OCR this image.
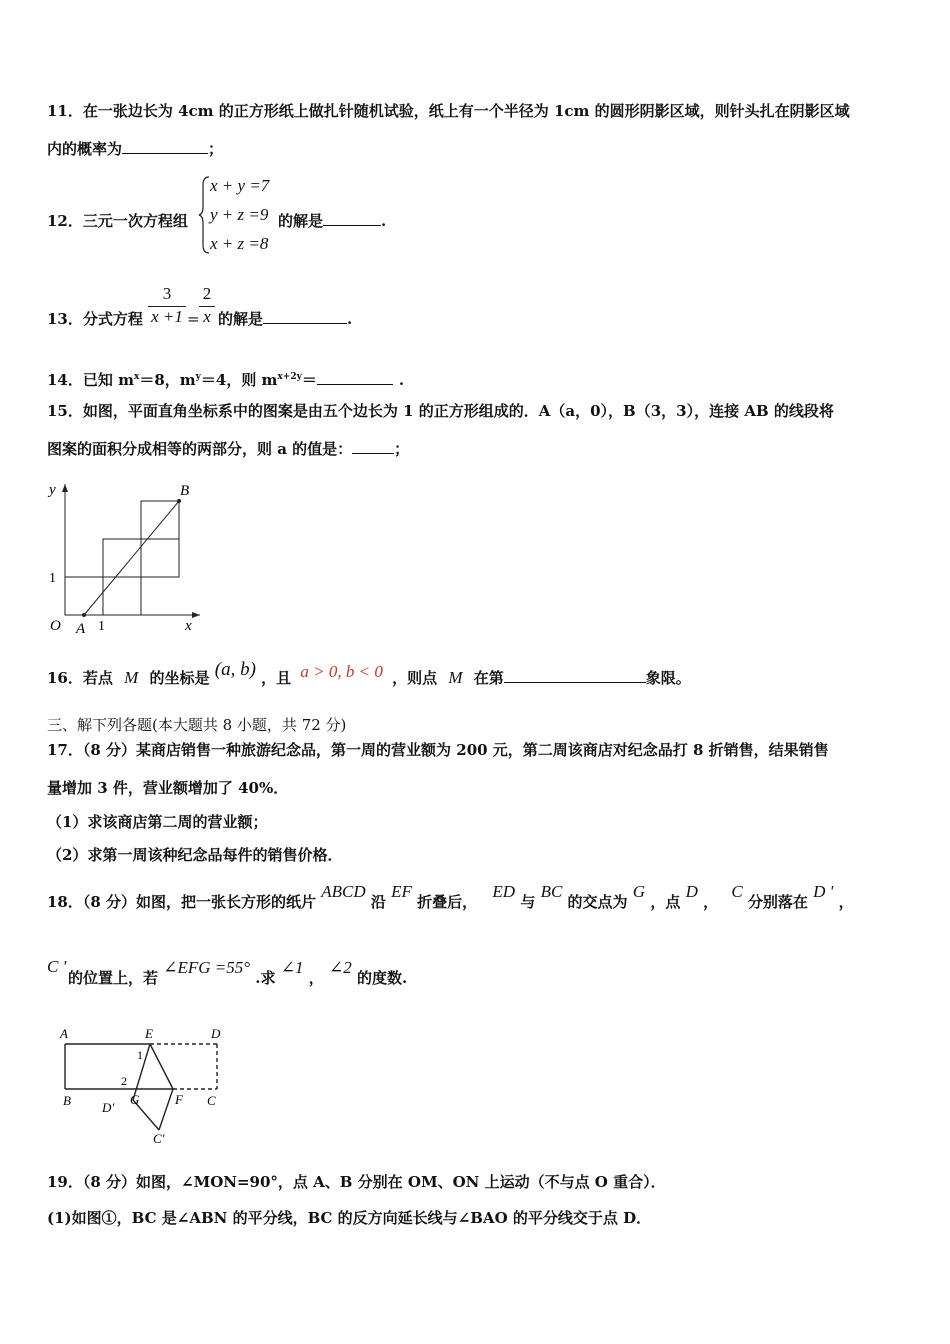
11．在一张边长为 4cm 的正方形纸上做扎针随机试验，纸上有一个半径为 1cm 的圆形阴影区域，则针头扎在阴影区域
内的概率为	；
12．三元一次方程组
x + y =7
y + z =9
x + z =8
的解是	.
13．分式方程 $\frac{3}{x +1} = \frac{2}{x}$ 的解是	.
14．已知 $m^x=8$，$m^y=4$，则 $m^{x+2y}=$	.
15．如图，平面直角坐标系中的图案是由五个边长为 1 的正方形组成的．A（a，0），B（3，3），连接 AB 的线段将
图案的面积分成相等的两部分，则 a 的值是：	；
y
x
O A
B
1
1
16．若点 M 的坐标是 (a, b) ，且 a > 0, b < 0 ，则点 M 在第	象限。
三、解下列各题(本大题共 8 小题，共 72 分)
17．（8 分）某商店销售一种旅游纪念品，第一周的营业额为 200 元，第二周该商店对纪念品打 8 折销售，结果销售
量增加 3 件，营业额增加了 40%．
（1）求该商店第二周的营业额；
（2）求第一周该种纪念品每件的销售价格．
18．（8 分）如图，把一张长方形的纸片 ABCD 沿 EF 折叠后， ED 与 BC 的交点为 G ，点 D ， C 分别落在 D ' ，
C '
的位置上，若 ∠EFG =55° .求 ∠1 ， ∠2 的度数.
A	E	D
B D'
G	F C
C'
1
2
19．（8 分）如图，∠MON=90°，点 A、B 分别在 OM、ON 上运动（不与点 O 重合）．
(1)如图①，BC 是∠ABN 的平分线，BC 的反方向延长线与∠BAO 的平分线交于点 D．
